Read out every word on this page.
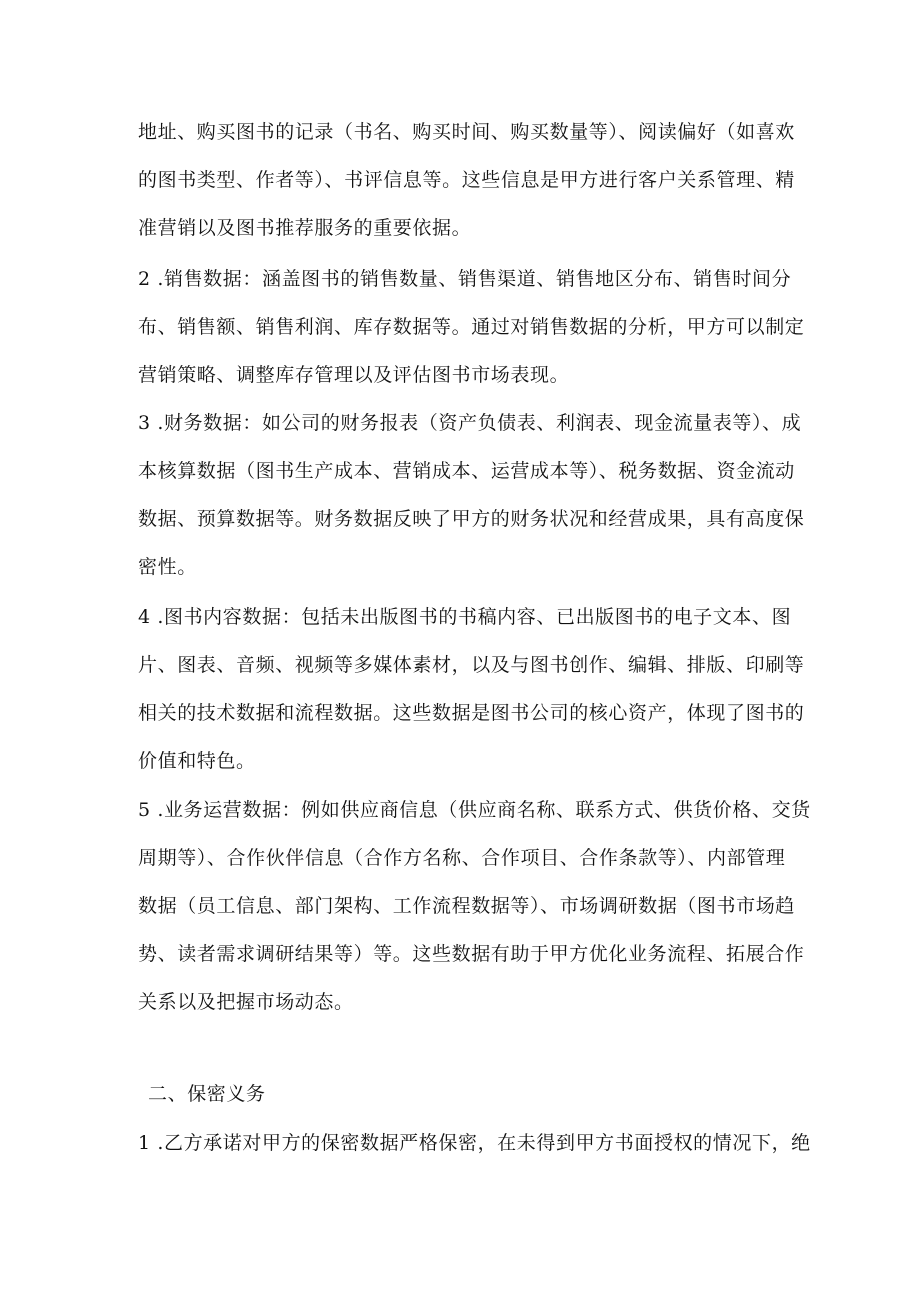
地址、购买图书的记录（书名、购买时间、购买数量等）、阅读偏好（如喜欢
的图书类型、作者等）、书评信息等。这些信息是甲方进行客户关系管理、精
准营销以及图书推荐服务的重要依据。
2 .销售数据：涵盖图书的销售数量、销售渠道、销售地区分布、销售时间分
布、销售额、销售利润、库存数据等。通过对销售数据的分析，甲方可以制定
营销策略、调整库存管理以及评估图书市场表现。
3 .财务数据：如公司的财务报表（资产负债表、利润表、现金流量表等）、成
本核算数据（图书生产成本、营销成本、运营成本等）、税务数据、资金流动
数据、预算数据等。财务数据反映了甲方的财务状况和经营成果，具有高度保
密性。
4 .图书内容数据：包括未出版图书的书稿内容、已出版图书的电子文本、图
片、图表、音频、视频等多媒体素材，以及与图书创作、编辑、排版、印刷等
相关的技术数据和流程数据。这些数据是图书公司的核心资产，体现了图书的
价值和特色。
5 .业务运营数据：例如供应商信息（供应商名称、联系方式、供货价格、交货
周期等）、合作伙伴信息（合作方名称、合作项目、合作条款等）、内部管理
数据（员工信息、部门架构、工作流程数据等）、市场调研数据（图书市场趋
势、读者需求调研结果等）等。这些数据有助于甲方优化业务流程、拓展合作
关系以及把握市场动态。
二、保密义务
1 .乙方承诺对甲方的保密数据严格保密，在未得到甲方书面授权的情况下，绝
